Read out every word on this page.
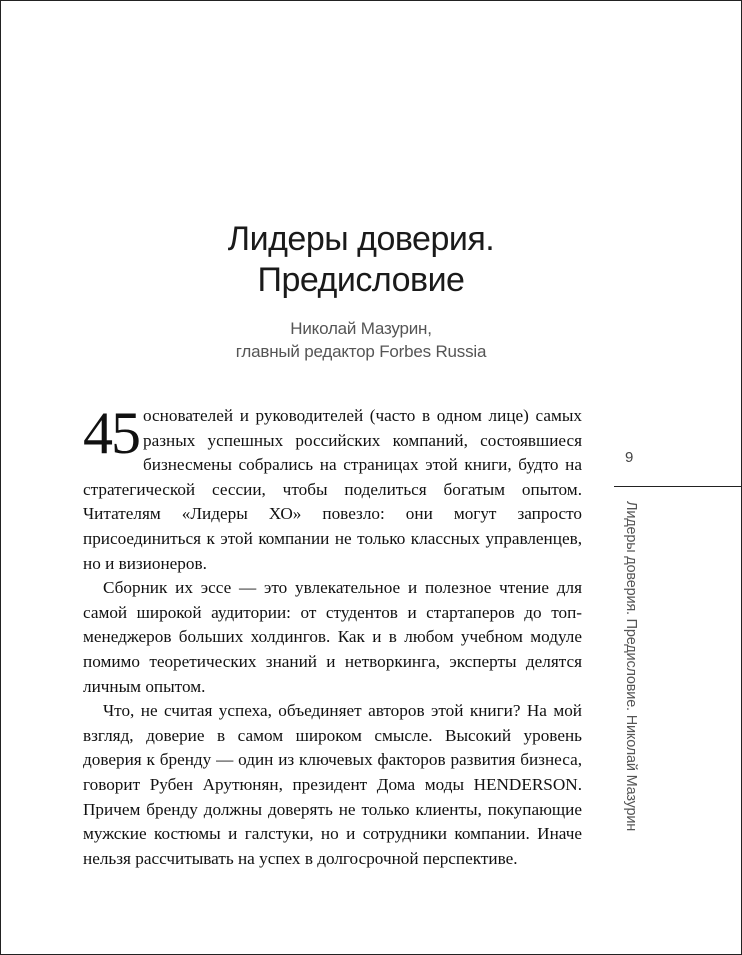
Лидеры доверия.
Предисловие
Николай Мазурин,
главный редактор Forbes Russia

45 основателей и руководителей (часто в одном лице) самых разных успешных российских компаний, состоявшиеся бизнесмены собрались на страницах этой книги, будто на стратегической сессии, чтобы поделиться богатым опытом. Читателям «Лидеры ХО» повезло: они могут запросто присоединиться к этой компании не только классных управленцев, но и визионеров.

Сборник их эссе — это увлекательное и полезное чтение для самой широкой аудитории: от студентов и стартаперов до топ-менеджеров больших холдингов. Как и в любом учебном модуле помимо теоретических знаний и нетворкинга, эксперты делятся личным опытом.

Что, не считая успеха, объединяет авторов этой книги? На мой взгляд, доверие в самом широком смысле. Высокий уровень доверия к бренду — один из ключевых факторов развития бизнеса, говорит Рубен Арутюнян, президент Дома моды HENDERSON. Причем бренду должны доверять не только клиенты, покупающие мужские костюмы и галстуки, но и сотрудники компании. Иначе нельзя рассчитывать на успех в долгосрочной перспективе.

9
Лидеры доверия. Предисловие. Николай Мазурин
